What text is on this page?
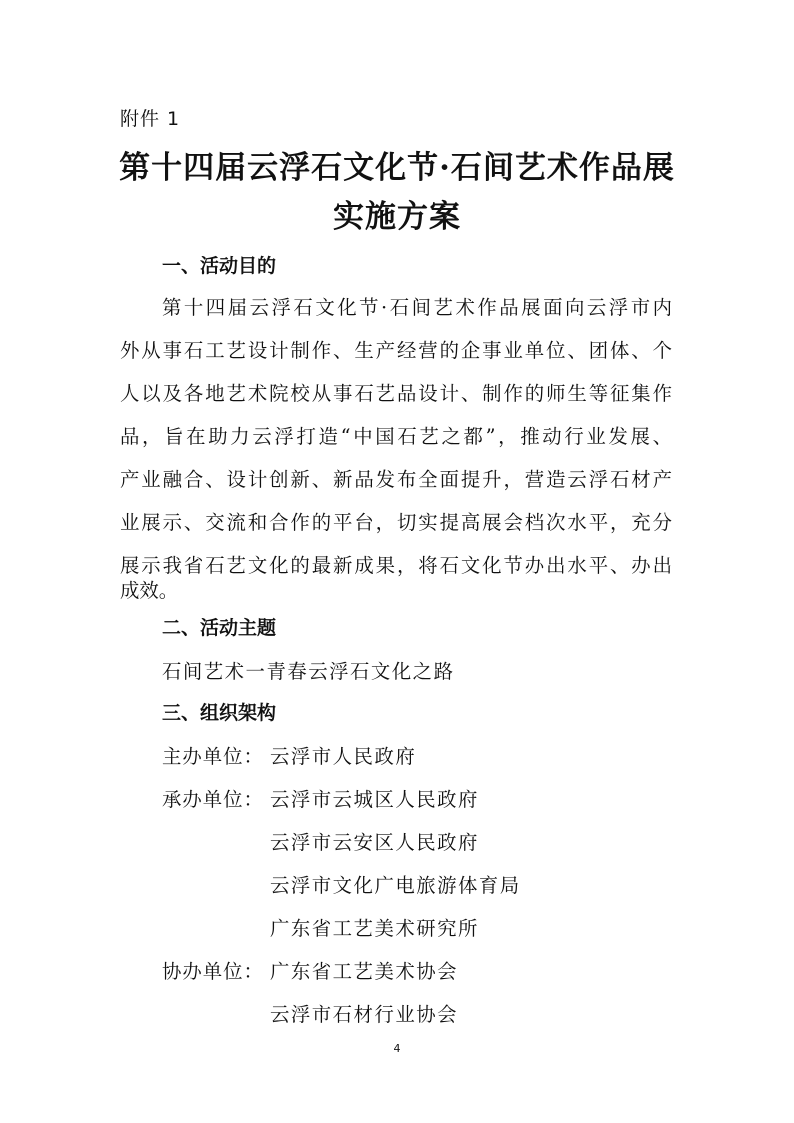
附件 1
第十四届云浮石文化节·石间艺术作品展
实施方案
一、活动目的
第十四届云浮石文化节·石间艺术作品展面向云浮市内
外从事石工艺设计制作、生产经营的企事业单位、团体、个
人以及各地艺术院校从事石艺品设计、制作的师生等征集作
品，旨在助力云浮打造“中国石艺之都”，推动行业发展、
产业融合、设计创新、新品发布全面提升，营造云浮石材产
业展示、交流和合作的平台，切实提高展会档次水平，充分
展示我省石艺文化的最新成果，将石文化节办出水平、办出
成效。
二、活动主题
石间艺术一青春云浮石文化之路
三、组织架构
主办单位： 云浮市人民政府
承办单位： 云浮市云城区人民政府
云浮市云安区人民政府
云浮市文化广电旅游体育局
广东省工艺美术研究所
协办单位： 广东省工艺美术协会
云浮市石材行业协会
4
